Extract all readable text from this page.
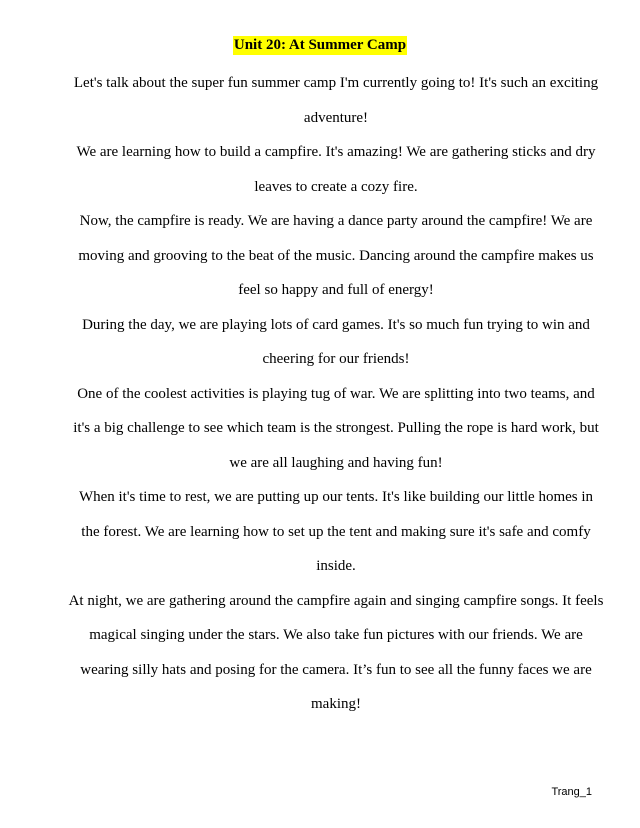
Unit 20: At Summer Camp

Let's talk about the super fun summer camp I'm currently going to! It's such an exciting adventure!

We are learning how to build a campfire. It's amazing! We are gathering sticks and dry leaves to create a cozy fire.

Now, the campfire is ready. We are having a dance party around the campfire! We are moving and grooving to the beat of the music. Dancing around the campfire makes us feel so happy and full of energy!

During the day, we are playing lots of card games. It's so much fun trying to win and cheering for our friends!

One of the coolest activities is playing tug of war. We are splitting into two teams, and it's a big challenge to see which team is the strongest. Pulling the rope is hard work, but we are all laughing and having fun!

When it's time to rest, we are putting up our tents. It's like building our little homes in the forest. We are learning how to set up the tent and making sure it's safe and comfy inside.

At night, we are gathering around the campfire again and singing campfire songs. It feels magical singing under the stars. We also take fun pictures with our friends. We are wearing silly hats and posing for the camera. It’s fun to see all the funny faces we are making!

Trang_1
